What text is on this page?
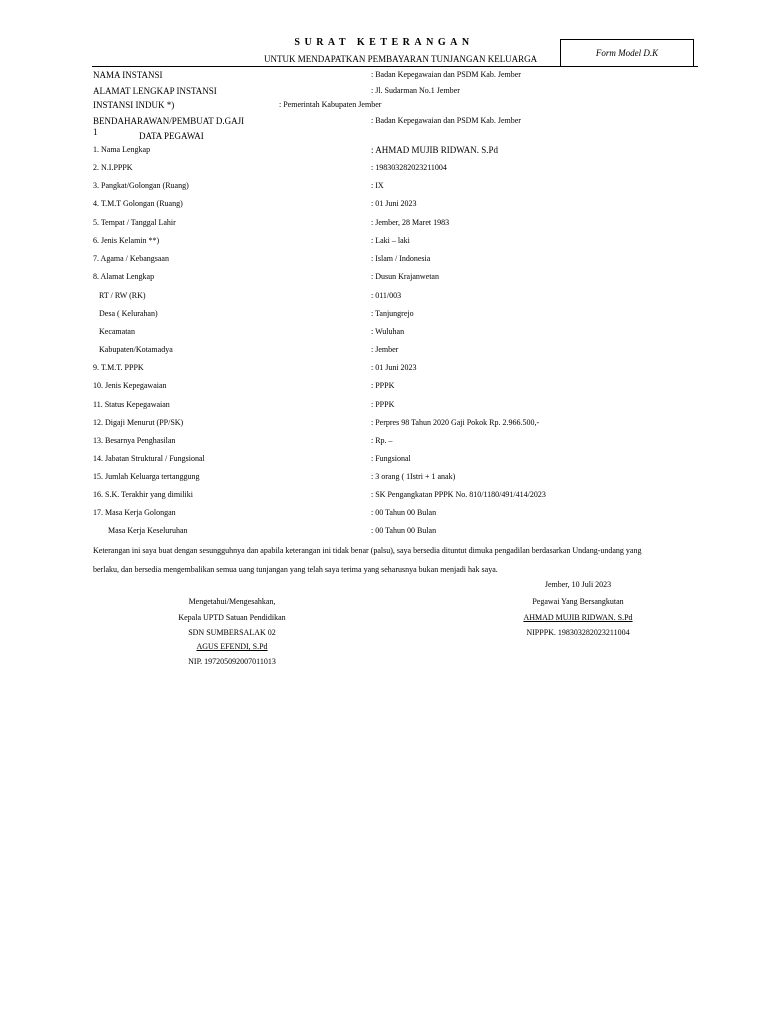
SURAT KETERANGAN
UNTUK MENDAPATKAN PEMBAYARAN TUNJANGAN KELUARGA
Form Model D.K
NAMA INSTANSI	: Badan Kepegawaian dan PSDM Kab. Jember
ALAMAT LENGKAP INSTANSI	: Jl. Sudarman No.1 Jember
INSTANSI INDUK *)	: Pemerintah Kabupaten Jember
BENDAHARAWAN/PEMBUAT D.GAJI	: Badan Kepegawaian dan PSDM Kab. Jember
1	DATA PEGAWAI
1. Nama Lengkap	: AHMAD MUJIB RIDWAN. S.Pd
2. N.I.PPPK	: 198303282023211004
3. Pangkat/Golongan (Ruang)	: IX
4. T.M.T Golongan (Ruang)	: 01 Juni 2023
5. Tempat / Tanggal Lahir	: Jember, 28 Maret 1983
6. Jenis Kelamin **)	: Laki – laki
7. Agama / Kebangsaan	: Islam / Indonesia
8. Alamat Lengkap	: Dusun Krajanwetan
RT / RW (RK)	: 011/003
Desa ( Kelurahan)	: Tanjungrejo
Kecamatan	: Wuluhan
Kabupaten/Kotamadya	: Jember
9. T.M.T. PPPK	: 01 Juni 2023
10. Jenis Kepegawaian	: PPPK
11. Status Kepegawaian	: PPPK
12. Digaji Menurut (PP/SK)	: Perpres 98 Tahun 2020 Gaji Pokok Rp. 2.966.500,-
13. Besarnya Penghasilan	: Rp. –
14. Jabatan Struktural / Fungsional	: Fungsional
15. Jumlah Keluarga tertanggung	: 3 orang ( 1Istri + 1 anak)
16. S.K. Terakhir yang dimiliki	: SK Pengangkatan PPPK No. 810/1180/491/414/2023
17. Masa Kerja Golongan	: 00 Tahun 00 Bulan
Masa Kerja Keseluruhan	: 00 Tahun 00 Bulan
Keterangan ini saya buat dengan sesungguhnya dan apabila keterangan ini tidak benar (palsu), saya bersedia dituntut dimuka pengadilan berdasarkan Undang-undang yang
berlaku, dan bersedia mengembalikan semua uang tunjangan yang telah saya terima yang seharusnya bukan menjadi hak saya.
Jember, 10 Juli 2023
Pegawai Yang Bersangkutan
AHMAD MUJIB RIDWAN. S.Pd
NIPPPK. 198303282023211004
Mengetahui/Mengesahkan,
Kepala UPTD Satuan Pendidikan
SDN SUMBERSALAK 02
AGUS EFENDI, S.Pd
NIP. 197205092007011013
